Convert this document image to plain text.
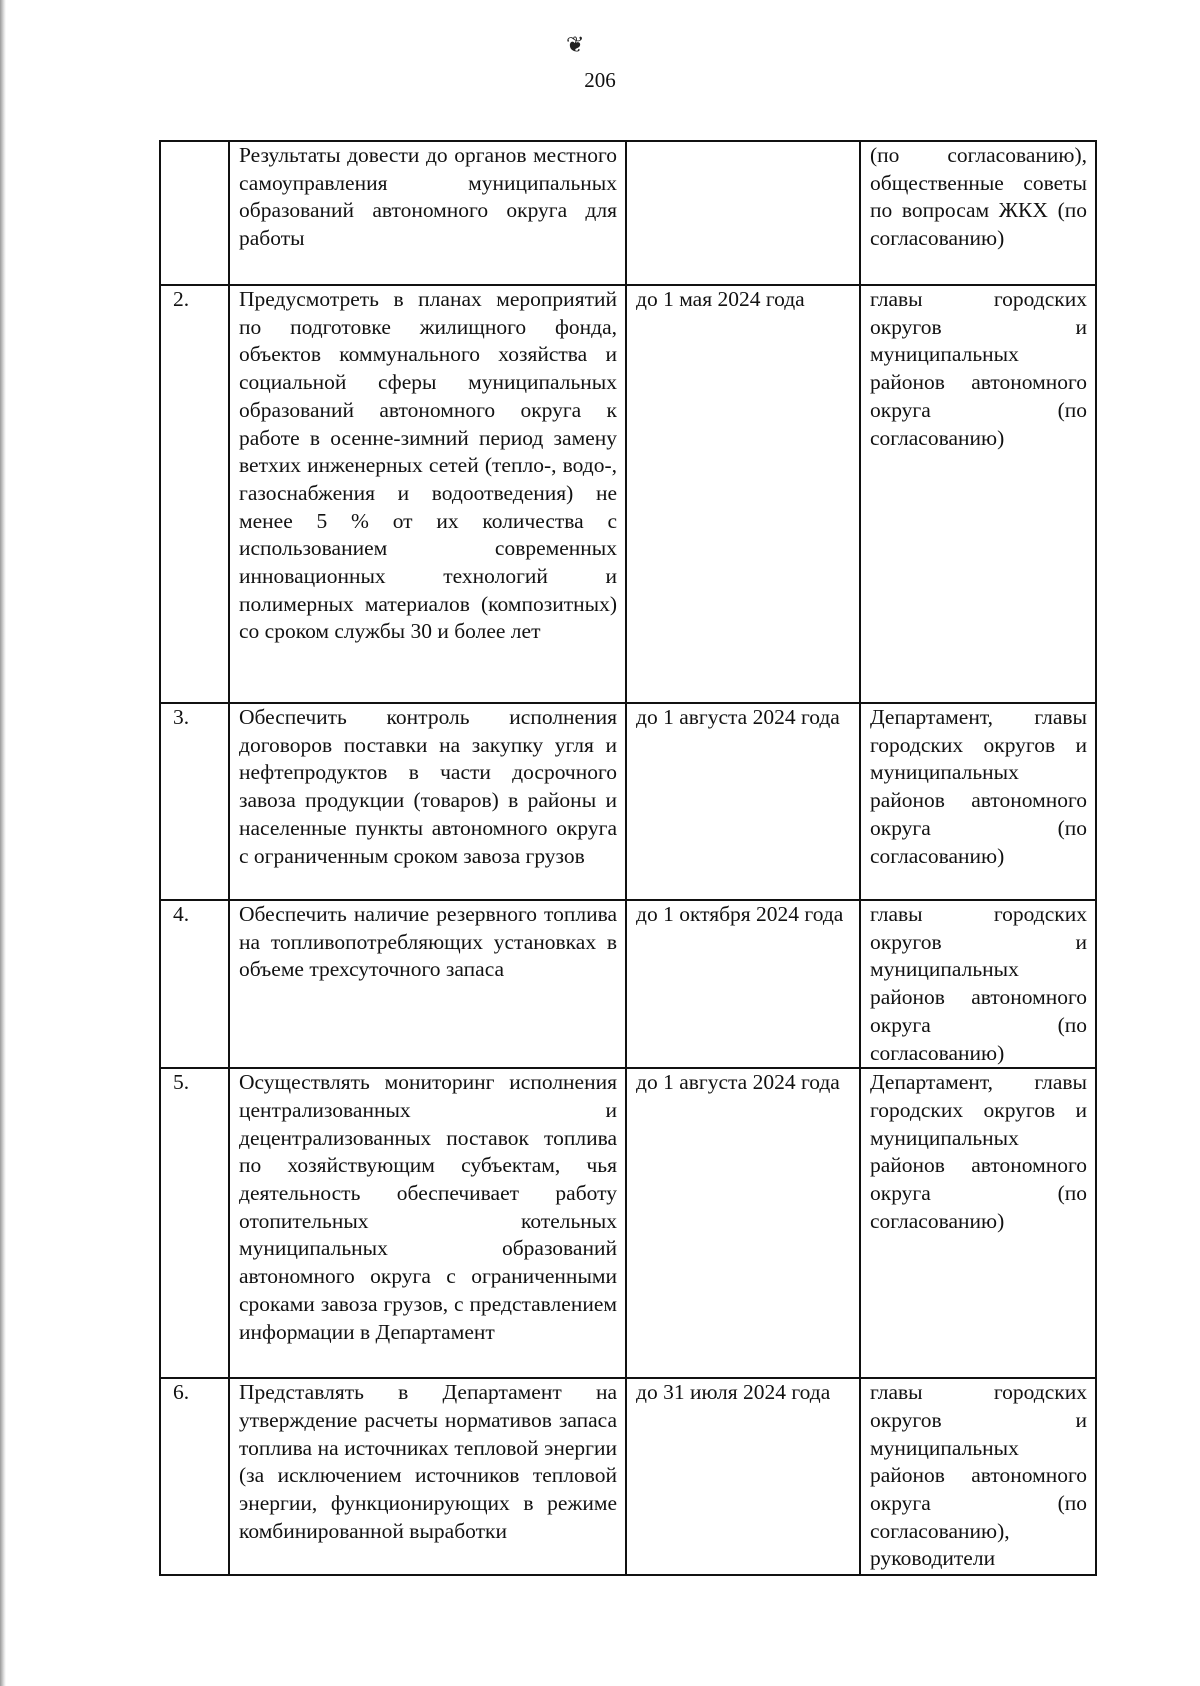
❦
206
	Результаты довести до органов местного самоуправления муниципальных образований автономного округа для работы		(по согласованию), общественные советы по вопросам ЖКХ (по согласованию)
2.	Предусмотреть в планах мероприятий по подготовке жилищного фонда, объектов коммунального хозяйства и социальной сферы муниципальных образований автономного округа к работе в осенне-зимний период замену ветхих инженерных сетей (тепло-, водо-, газоснабжения и водоотведения) не менее 5 % от их количества с использованием современных инновационных технологий и полимерных материалов (композитных) со сроком службы 30 и более лет	до 1 мая 2024 года	главы городских округов и муниципальных районов автономного округа (по согласованию)
3.	Обеспечить контроль исполнения договоров поставки на закупку угля и нефтепродуктов в части досрочного завоза продукции (товаров) в районы и населенные пункты автономного округа с ограниченным сроком завоза грузов	до 1 августа 2024 года	Департамент, главы городских округов и муниципальных районов автономного округа (по согласованию)
4.	Обеспечить наличие резервного топлива на топливопотребляющих установках в объеме трехсуточного запаса	до 1 октября 2024 года	главы городских округов и муниципальных районов автономного округа (по согласованию)
5.	Осуществлять мониторинг исполнения централизованных и децентрализованных поставок топлива по хозяйствующим субъектам, чья деятельность обеспечивает работу отопительных котельных муниципальных образований автономного округа с ограниченными сроками завоза грузов, с представлением информации в Департамент	до 1 августа 2024 года	Департамент, главы городских округов и муниципальных районов автономного округа (по согласованию)
6.	Представлять в Департамент на утверждение расчеты нормативов запаса топлива на источниках тепловой энергии (за исключением источников тепловой энергии, функционирующих в режиме комбинированной выработки	до 31 июля 2024 года	главы городских округов и муниципальных районов автономного округа (по согласованию), руководители
